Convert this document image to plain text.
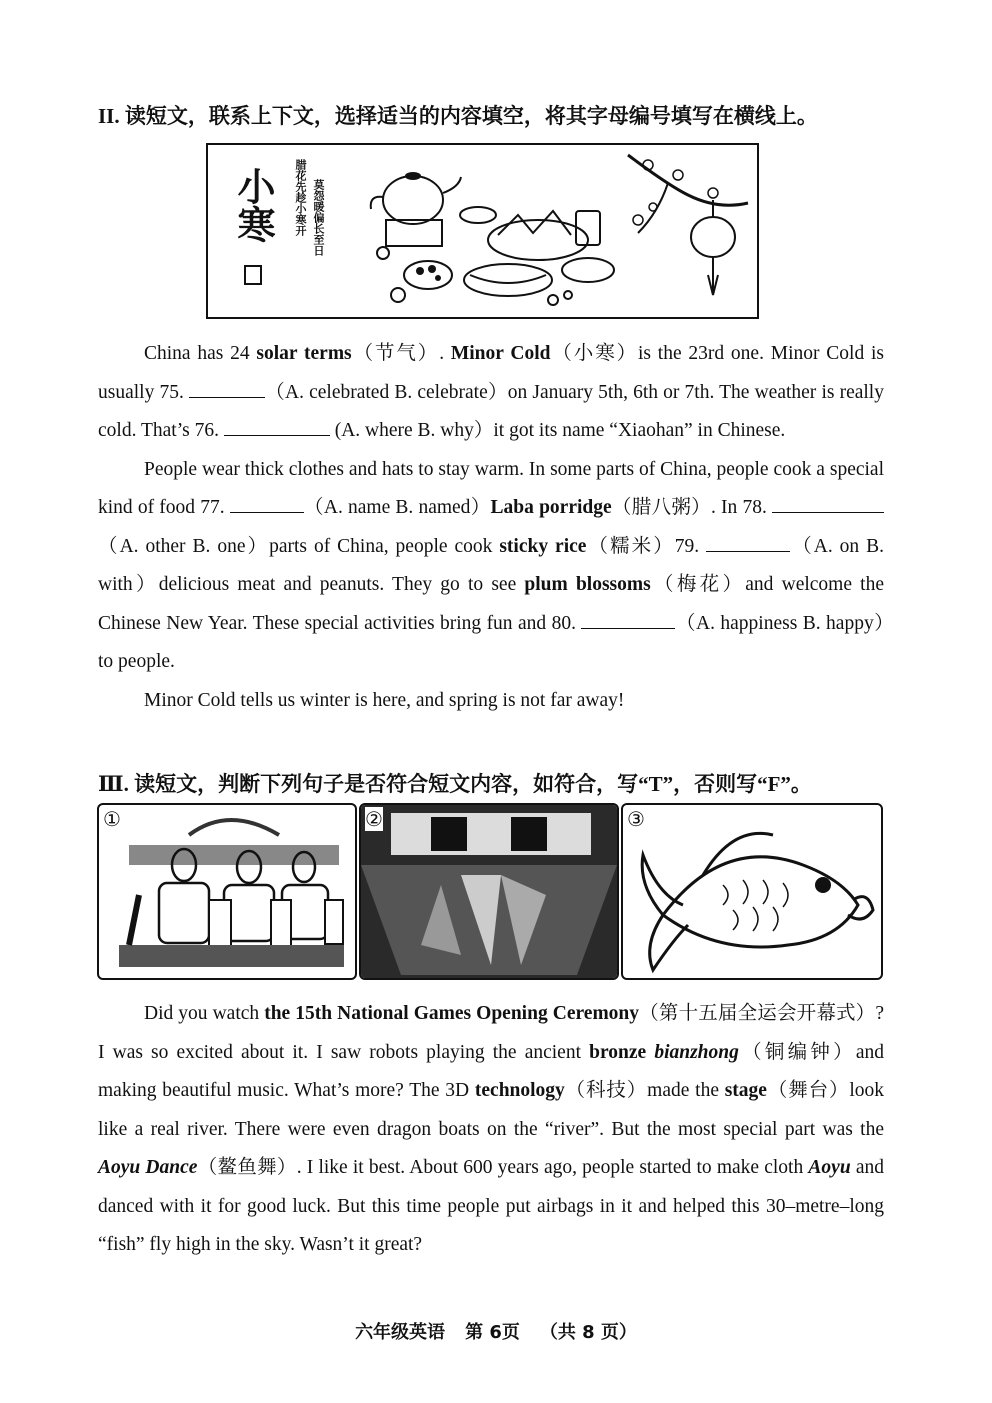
II. 读短文，联系上下文，选择适当的内容填空，将其字母编号填写在横线上。
小寒 腊花先趁小寒开 莫怨暖偏长至日

China has 24 solar terms（节气）. Minor Cold（小寒）is the 23rd one. Minor Cold is usually 75.	（A. celebrated B. celebrate）on January 5th, 6th or 7th. The weather is really cold. That’s 76.	(A. where B. why）it got its name “Xiaohan” in Chinese.

People wear thick clothes and hats to stay warm. In some parts of China, people cook a special kind of food 77.	（A. name B. named）Laba porridge（腊八粥）. In 78. （A. other B. one）parts of China, people cook sticky rice（糯米）79.	（A. on B. with）delicious meat and peanuts. They go to see plum blossoms（梅花）and welcome the Chinese New Year. These special activities bring fun and 80.	（A. happiness B. happy）to people.

Minor Cold tells us winter is here, and spring is not far away!

Ⅲ. 读短文，判断下列句子是否符合短文内容，如符合，写“T”，否则写“F”。
①	②	③

Did you watch the 15th National Games Opening Ceremony（第十五届全运会开幕式）? I was so excited about it. I saw robots playing the ancient bronze bianzhong（铜编钟）and making beautiful music. What’s more? The 3D technology（科技）made the stage（舞台）look like a real river. There were even dragon boats on the “river”. But the most special part was the Aoyu Dance（鳌鱼舞）. I like it best. About 600 years ago, people started to make cloth Aoyu and danced with it for good luck. But this time people put airbags in it and helped this 30–metre–long “fish” fly high in the sky. Wasn’t it great?

六年级英语 第 6页 （共 8 页）
